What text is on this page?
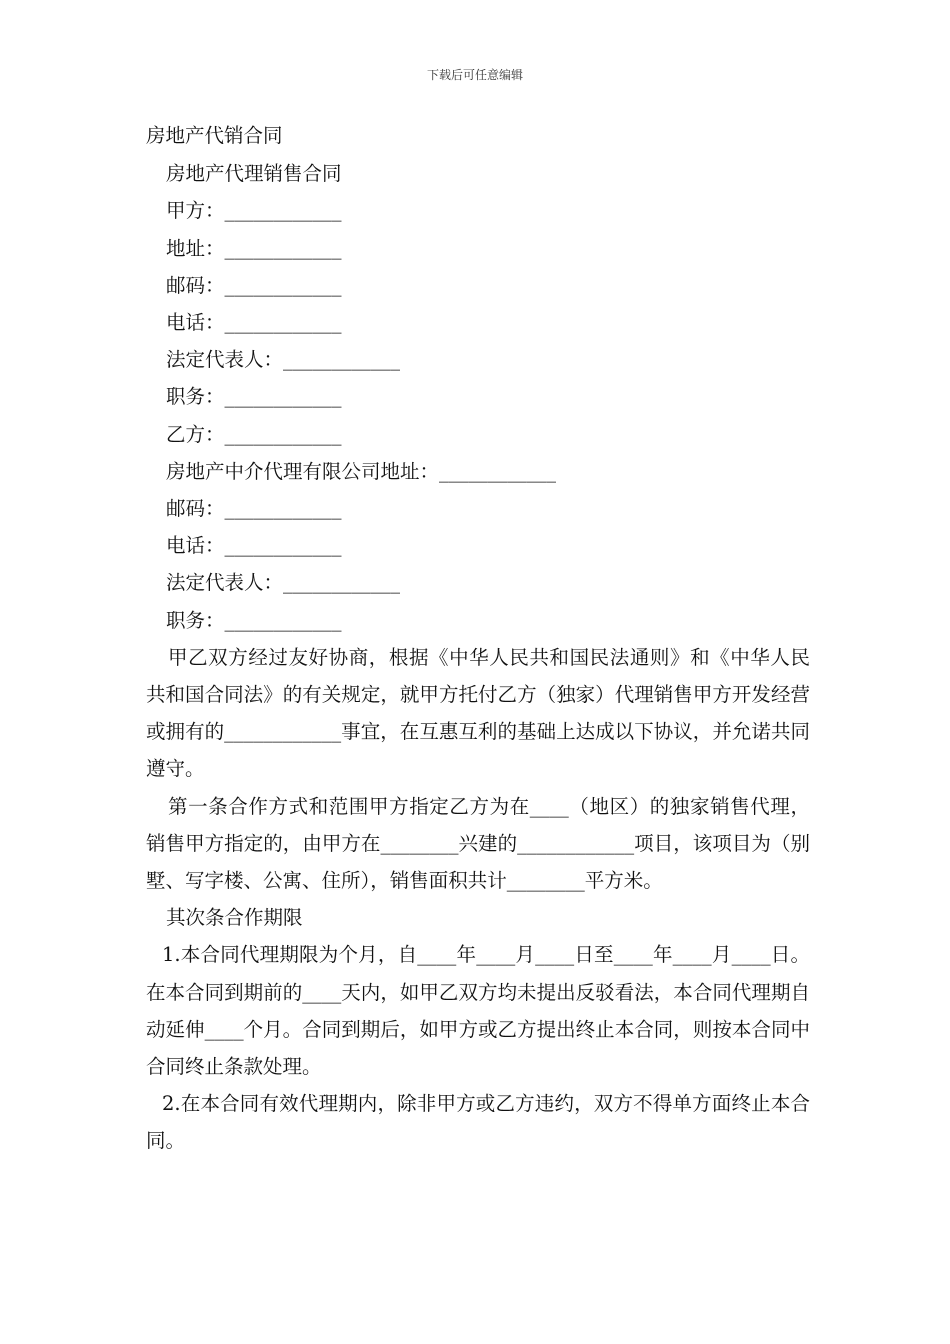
下载后可任意编辑
房地产代销合同
房地产代理销售合同
甲方：____________
地址：____________
邮码：____________
电话：____________
法定代表人：____________
职务：____________
乙方：____________
房地产中介代理有限公司地址：____________
邮码：____________
电话：____________
法定代表人：____________
职务：____________
甲乙双方经过友好协商，根据《中华人民共和国民法通则》和《中华人民共和国合同法》的有关规定，就甲方托付乙方（独家）代理销售甲方开发经营或拥有的____________事宜，在互惠互利的基础上达成以下协议，并允诺共同遵守。
第一条合作方式和范围甲方指定乙方为在____（地区）的独家销售代理，销售甲方指定的，由甲方在________兴建的____________项目，该项目为（别墅、写字楼、公寓、住所），销售面积共计________平方米。
其次条合作期限
1.本合同代理期限为个月，自____年____月____日至____年____月____日。在本合同到期前的____天内，如甲乙双方均未提出反驳看法，本合同代理期自动延伸____个月。合同到期后，如甲方或乙方提出终止本合同，则按本合同中合同终止条款处理。
2.在本合同有效代理期内，除非甲方或乙方违约，双方不得单方面终止本合同。
